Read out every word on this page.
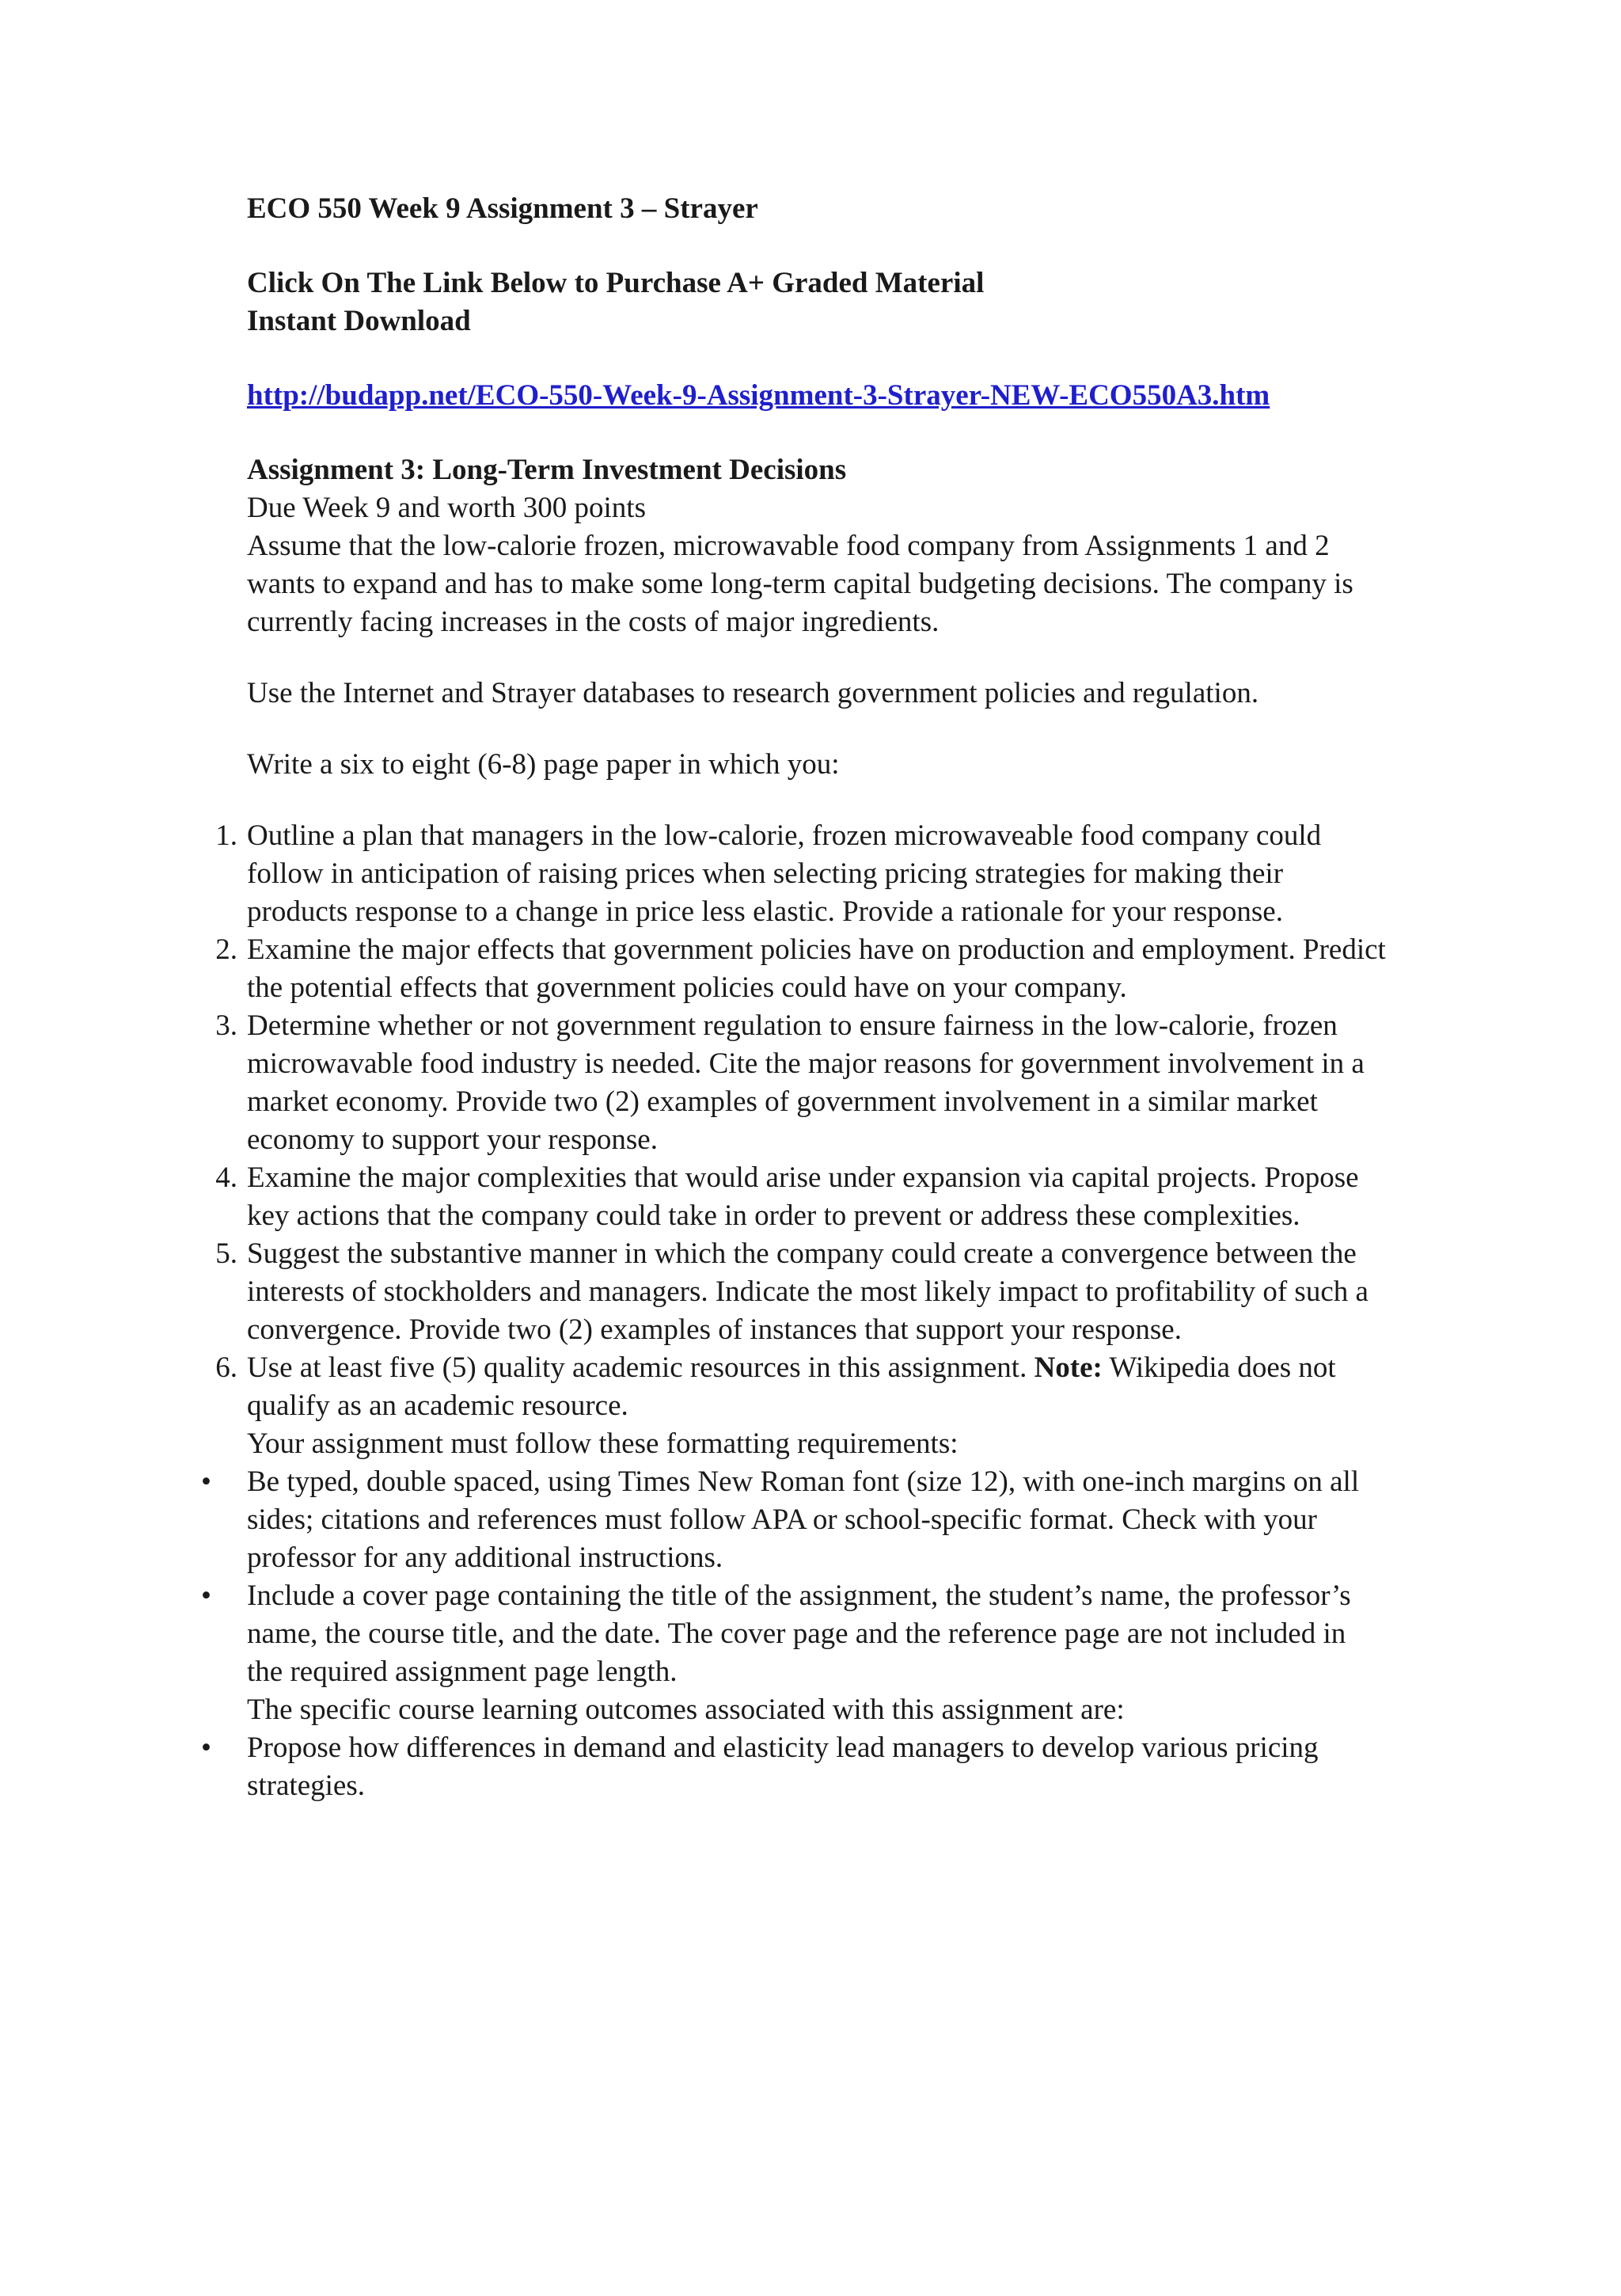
ECO 550 Week 9 Assignment 3 – Strayer

Click On The Link Below to Purchase A+ Graded Material
Instant Download
http://budapp.net/ECO-550-Week-9-Assignment-3-Strayer-NEW-ECO550A3.htm

Assignment 3: Long-Term Investment Decisions

Due Week 9 and worth 300 points

Assume that the low-calorie frozen, microwavable food company from Assignments 1 and 2 wants to expand and has to make some long-term capital budgeting decisions. The company is currently facing increases in the costs of major ingredients.

Use the Internet and Strayer databases to research government policies and regulation.

Write a six to eight (6-8) page paper in which you:

1. Outline a plan that managers in the low-calorie, frozen microwaveable food company could follow in anticipation of raising prices when selecting pricing strategies for making their products response to a change in price less elastic. Provide a rationale for your response.
2. Examine the major effects that government policies have on production and employment. Predict the potential effects that government policies could have on your company.
3. Determine whether or not government regulation to ensure fairness in the low-calorie, frozen microwavable food industry is needed. Cite the major reasons for government involvement in a market economy. Provide two (2) examples of government involvement in a similar market economy to support your response.
4. Examine the major complexities that would arise under expansion via capital projects. Propose key actions that the company could take in order to prevent or address these complexities.
5. Suggest the substantive manner in which the company could create a convergence between the interests of stockholders and managers. Indicate the most likely impact to profitability of such a convergence. Provide two (2) examples of instances that support your response.
6. Use at least five (5) quality academic resources in this assignment. Note: Wikipedia does not qualify as an academic resource.
Your assignment must follow these formatting requirements:
• Be typed, double spaced, using Times New Roman font (size 12), with one-inch margins on all sides; citations and references must follow APA or school-specific format. Check with your professor for any additional instructions.
• Include a cover page containing the title of the assignment, the student’s name, the professor’s name, the course title, and the date. The cover page and the reference page are not included in the required assignment page length.
The specific course learning outcomes associated with this assignment are:
• Propose how differences in demand and elasticity lead managers to develop various pricing strategies.
